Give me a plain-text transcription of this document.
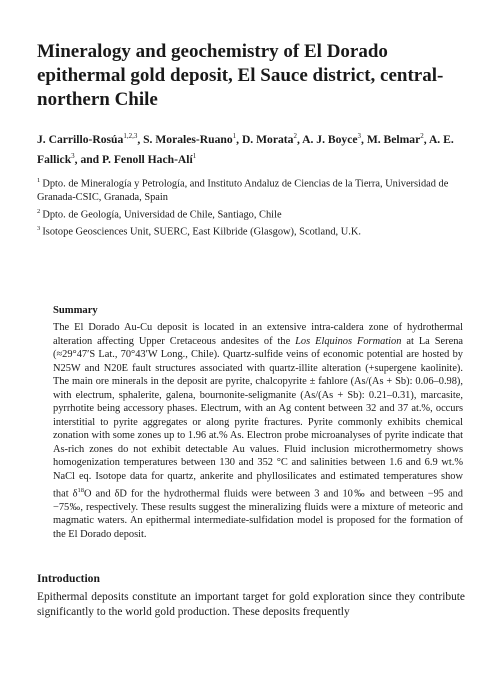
Mineralogy and geochemistry of El Dorado epithermal gold deposit, El Sauce district, central-northern Chile

J. Carrillo-Rosúa$^{1,2,3}$, S. Morales-Ruano$^1$, D. Morata$^2$, A. J. Boyce$^3$, M. Belmar$^2$, A. E. Fallick$^3$, and P. Fenoll Hach-Alí$^1$

$^1$  Dpto. de Mineralogía y Petrología, and Instituto Andaluz de Ciencias de la Tierra, Universidad de Granada-CSIC, Granada, Spain

$^2$  Dpto. de Geología, Universidad de Chile, Santiago, Chile

$^3$  Isotope Geosciences Unit, SUERC, East Kilbride (Glasgow), Scotland, U.K.

Summary

The El Dorado Au-Cu deposit is located in an extensive intra-caldera zone of hydrothermal alteration affecting Upper Cretaceous andesites of the Los Elquinos Formation at La Serena (≈29°47′S Lat., 70°43′W Long., Chile). Quartz-sulfide veins of economic potential are hosted by N25W and N20E fault structures associated with quartz-illite alteration (+supergene kaolinite). The main ore minerals in the deposit are pyrite, chalcopyrite ± fahlore (As/(As + Sb): 0.06–0.98), with electrum, sphalerite, galena, bournonite-seligmanite (As/(As + Sb): 0.21–0.31), marcasite, pyrrhotite being accessory phases. Electrum, with an Ag content between 32 and 37 at.%, occurs interstitial to pyrite aggregates or along pyrite fractures. Pyrite commonly exhibits chemical zonation with some zones up to 1.96 at.% As. Electron probe microanalyses of pyrite indicate that As-rich zones do not exhibit detectable Au values. Fluid inclusion microthermometry shows homogenization temperatures between 130 and 352 °C and salinities between 1.6 and 6.9 wt.% NaCl eq. Isotope data for quartz, ankerite and phyllosilicates and estimated temperatures show that $\delta^{18}O$ and δD for the hydrothermal fluids were between 3 and 10‰ and between −95 and −75‰, respectively. These results suggest the mineralizing fluids were a mixture of meteoric and magmatic waters. An epithermal intermediate-sulfidation model is proposed for the formation of the El Dorado deposit.

Introduction

Epithermal deposits constitute an important target for gold exploration since they contribute significantly to the world gold production. These deposits frequently
